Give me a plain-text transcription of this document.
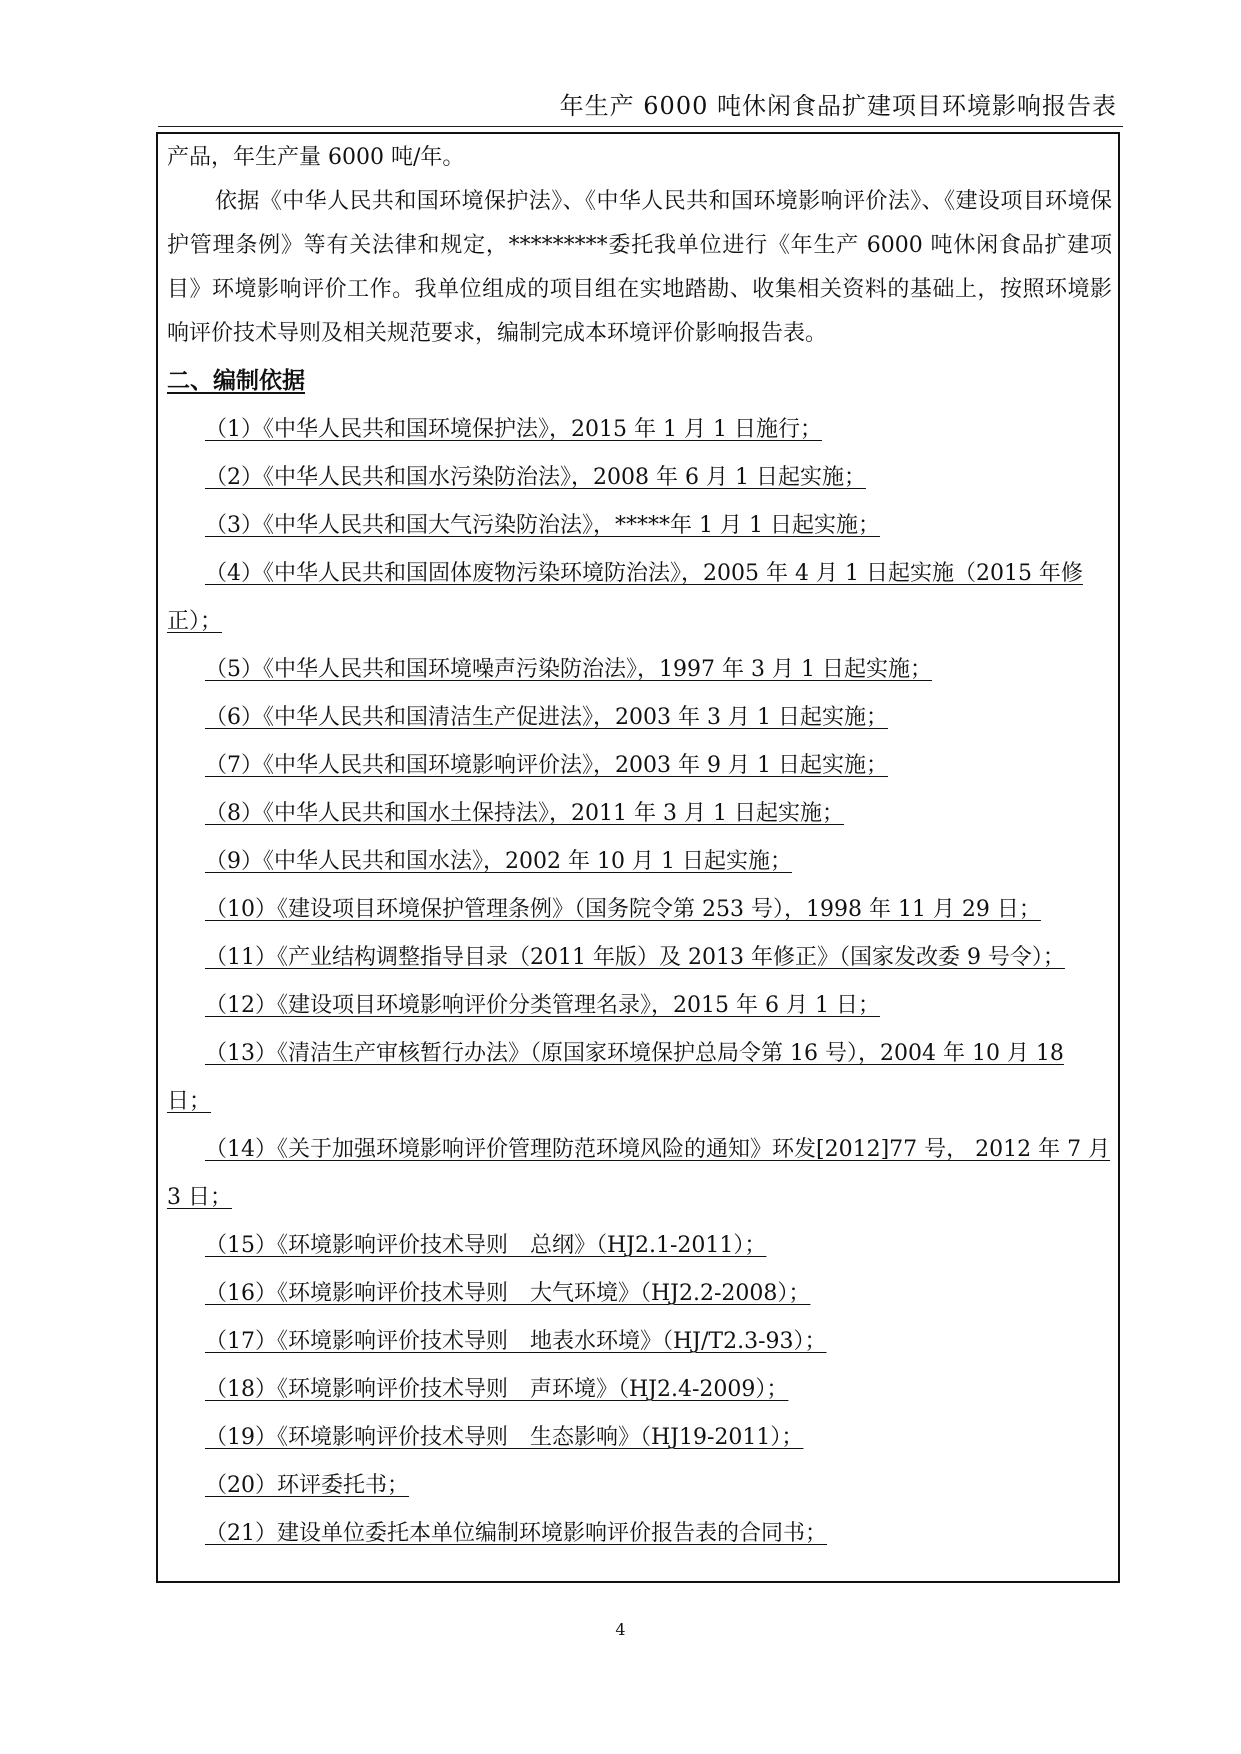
年生产 6000 吨休闲食品扩建项目环境影响报告表

产品，年生产量 6000 吨/年。

依据《中华人民共和国环境保护法》、《中华人民共和国环境影响评价法》、《建设项目环境保护管理条例》等有关法律和规定，*********委托我单位进行《年生产 6000 吨休闲食品扩建项目》环境影响评价工作。我单位组成的项目组在实地踏勘、收集相关资料的基础上，按照环境影响评价技术导则及相关规范要求，编制完成本环境评价影响报告表。

二、编制依据

（1）《中华人民共和国环境保护法》，2015 年 1 月 1 日施行；
（2）《中华人民共和国水污染防治法》，2008 年 6 月 1 日起实施；
（3）《中华人民共和国大气污染防治法》，*****年 1 月 1 日起实施；
（4）《中华人民共和国固体废物污染环境防治法》，2005 年 4 月 1 日起实施（2015 年修正）；
（5）《中华人民共和国环境噪声污染防治法》，1997 年 3 月 1 日起实施；
（6）《中华人民共和国清洁生产促进法》，2003 年 3 月 1 日起实施；
（7）《中华人民共和国环境影响评价法》，2003 年 9 月 1 日起实施；
（8）《中华人民共和国水土保持法》，2011 年 3 月 1 日起实施；
（9）《中华人民共和国水法》，2002 年 10 月 1 日起实施；
（10）《建设项目环境保护管理条例》（国务院令第 253 号），1998 年 11 月 29 日；
（11）《产业结构调整指导目录（2011 年版）及 2013 年修正》（国家发改委 9 号令）；
（12）《建设项目环境影响评价分类管理名录》，2015 年 6 月 1 日；
（13）《清洁生产审核暂行办法》（原国家环境保护总局令第 16 号），2004 年 10 月 18 日；
（14）《关于加强环境影响评价管理防范环境风险的通知》环发[2012]77 号， 2012 年 7 月 3 日；
（15）《环境影响评价技术导则　总纲》（HJ2.1-2011）；
（16）《环境影响评价技术导则　大气环境》（HJ2.2-2008）；
（17）《环境影响评价技术导则　地表水环境》（HJ/T2.3-93）；
（18）《环境影响评价技术导则　声环境》（HJ2.4-2009）；
（19）《环境影响评价技术导则　生态影响》（HJ19-2011）；
（20）环评委托书；
（21）建设单位委托本单位编制环境影响评价报告表的合同书；
4
